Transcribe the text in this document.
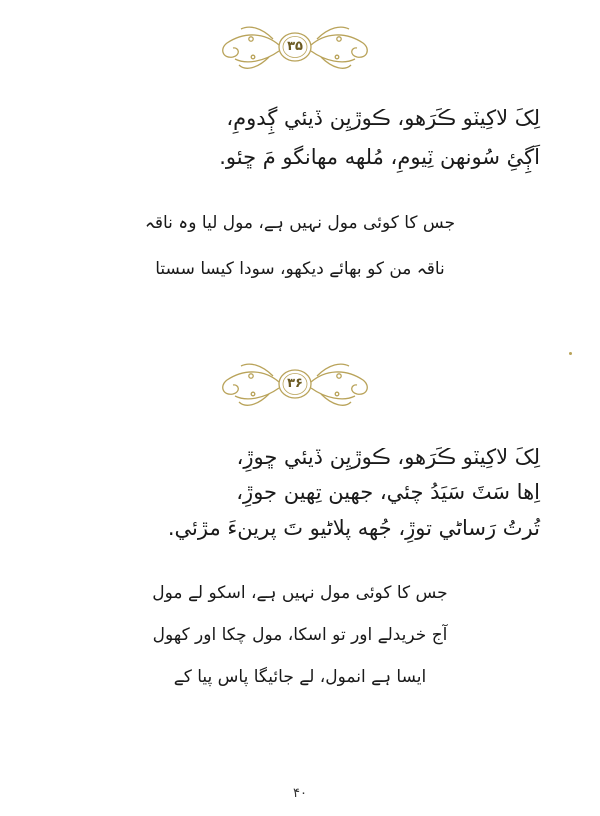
۳۵
لِکَ لاکِيٽو ڪَرَهو، ڪوڙيِن ڏيئي ڳِدومِ،
اَڳِئِ سُونهن ٽِيومِ، مُلهه مهانگو مَ ڇئو.
جس کا کوئی مول نہیں ہے، مول لیا وہ ناقہ
ناقہ من کو بھائے دیکھو، سودا کیسا سستا
۳۶
لِکَ لاکِيٽو ڪَرَهو، ڪوڙيِن ڏيئي ڇوڙِ،
اِها سَٽَ سَيَدُ چئي، جهين تِهين جوڙِ،
تُرتُ رَساڻي توڙِ، جُهه پلاڻيو تَ پرينءَ مڙئي.
جس کا کوئی مول نہیں ہے، اسکو لے مول
آج خریدلے اور تو اسکا، مول چکا اور کھول
ایسا ہے انمول، لے جائیگا پاس پیا کے
۴۰
